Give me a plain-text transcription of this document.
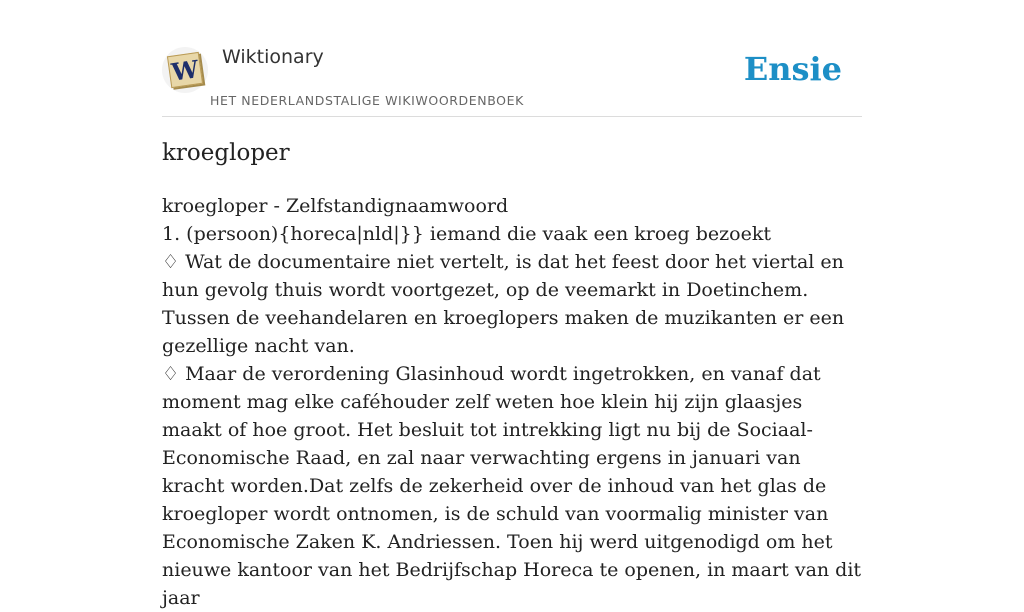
W Wiktionary
HET NEDERLANDSTALIGE WIKIWOORDENBOEK
Ensie
kroegloper

kroegloper - Zelfstandignaamwoord

1. (persoon){horeca|nld|}} iemand die vaak een kroeg bezoekt

♢ Wat de documentaire niet vertelt, is dat het feest door het viertal en hun gevolg thuis wordt voortgezet, op de veemarkt in Doetinchem. Tussen de veehandelaren en kroeglopers maken de muzikanten er een gezellige nacht van.

♢ Maar de verordening Glasinhoud wordt ingetrokken, en vanaf dat moment mag elke caféhouder zelf weten hoe klein hij zijn glaasjes maakt of hoe groot. Het besluit tot intrekking ligt nu bij de Sociaal-Economische Raad, en zal naar verwachting ergens in januari van kracht worden.Dat zelfs de zekerheid over de inhoud van het glas de kroegloper wordt ontnomen, is de schuld van voormalig minister van Economische Zaken K. Andriessen. Toen hij werd uitgenodigd om het nieuwe kantoor van het Bedrijfschap Horeca te openen, in maart van dit jaar
